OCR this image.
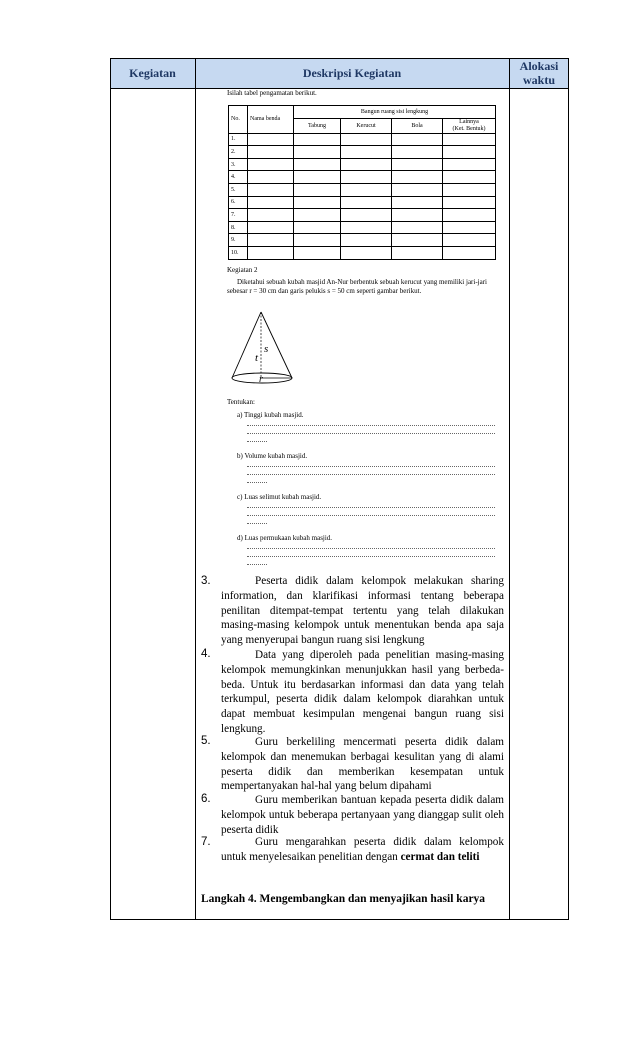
Kegiatan	Deskripsi Kegiatan	Alokasi
waktu
Isilah tabel pengamatan berikut.
No.	Nama benda	Bangun ruang sisi lengkung			
		Tabung	Kerucut	Bola	Lainnya
(Ket. Bentuk)

1.					
2.					
3.					
4.					
5.					
6.					
7.					
8.					
9.					
10.					
Kegiatan 2
Diketahui sebuah kubah masjid An-Nur berbentuk sebuah kerucut yang memiliki jari-jari
sebesar r = 30 cm dan garis pelukis s = 50 cm seperti gambar berikut.
s
t
r
Tentukan:
a) Tinggi kubah masjid.
b) Volume kubah masjid.
c) Luas selimut kubah masjid.
d) Luas permukaan kubah masjid.
3.	Peserta didik dalam kelompok melakukan sharing information, dan klarifikasi informasi tentang beberapa penilitan ditempat-tempat tertentu yang telah dilakukan masing-masing kelompok untuk menentukan benda apa saja yang menyerupai bangun ruang sisi lengkung
4.	Data yang diperoleh pada penelitian masing-masing kelompok memungkinkan menunjukkan hasil yang berbeda-beda. Untuk itu berdasarkan informasi dan data yang telah terkumpul, peserta didik dalam kelompok diarahkan untuk dapat membuat kesimpulan mengenai bangun ruang sisi lengkung.
5.	Guru berkeliling mencermati peserta didik dalam kelompok dan menemukan berbagai kesulitan yang di alami peserta didik dan memberikan kesempatan untuk mempertanyakan hal-hal yang belum dipahami
6.	Guru memberikan bantuan kepada peserta didik dalam kelompok untuk beberapa pertanyaan yang dianggap sulit oleh peserta didik
7.	Guru mengarahkan peserta didik dalam kelompok untuk menyelesaikan penelitian dengan cermat dan teliti
Langkah 4. Mengembangkan dan menyajikan hasil karya
